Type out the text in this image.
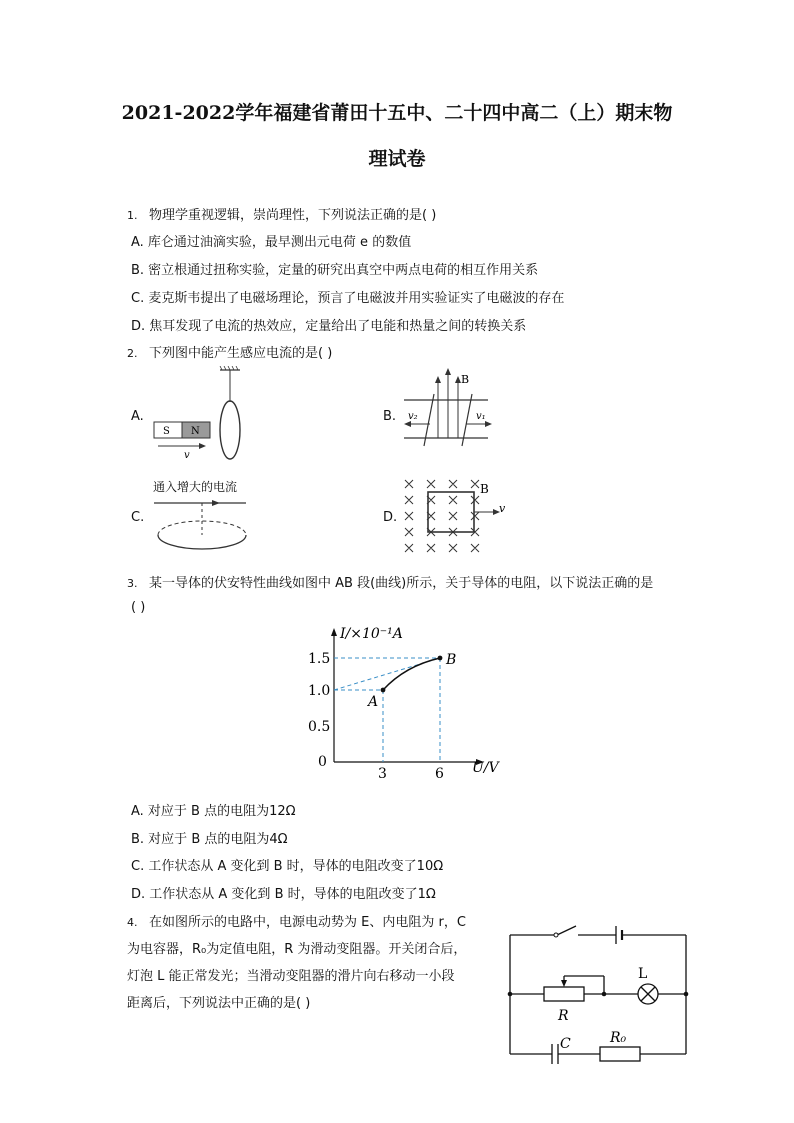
2021-2022学年福建省莆田十五中、二十四中高二（上）期末物
理试卷
1. 物理学重视逻辑，崇尚理性，下列说法正确的是( )
A. 库仑通过油滴实验，最早测出元电荷 e 的数值
B. 密立根通过扭称实验，定量的研究出真空中两点电荷的相互作用关系
C. 麦克斯韦提出了电磁场理论，预言了电磁波并用实验证实了电磁波的存在
D. 焦耳发现了电流的热效应，定量给出了电能和热量之间的转换关系
2. 下列图中能产生感应电流的是( )
A.
S N
v
B.
B
v₂	v₁
C.
通入增大的电流
D.
B
v
3. 某一导体的伏安特性曲线如图中 AB 段(曲线)所示，关于导体的电阻，以下说法正确的是
( )
I/×10⁻¹A
U/V
0
1.5
1.0
0.5
3	6
A
B
A. 对应于 B 点的电阻为12Ω
B. 对应于 B 点的电阻为4Ω
C. 工作状态从 A 变化到 B 时，导体的电阻改变了10Ω
D. 工作状态从 A 变化到 B 时，导体的电阻改变了1Ω
4. 在如图所示的电路中，电源电动势为 E、内电阻为 r，C
为电容器，R₀为定值电阻，R 为滑动变阻器。开关闭合后，
灯泡 L 能正常发光；当滑动变阻器的滑片向右移动一小段
距离后，下列说法中正确的是( )
R
L
C	R₀
